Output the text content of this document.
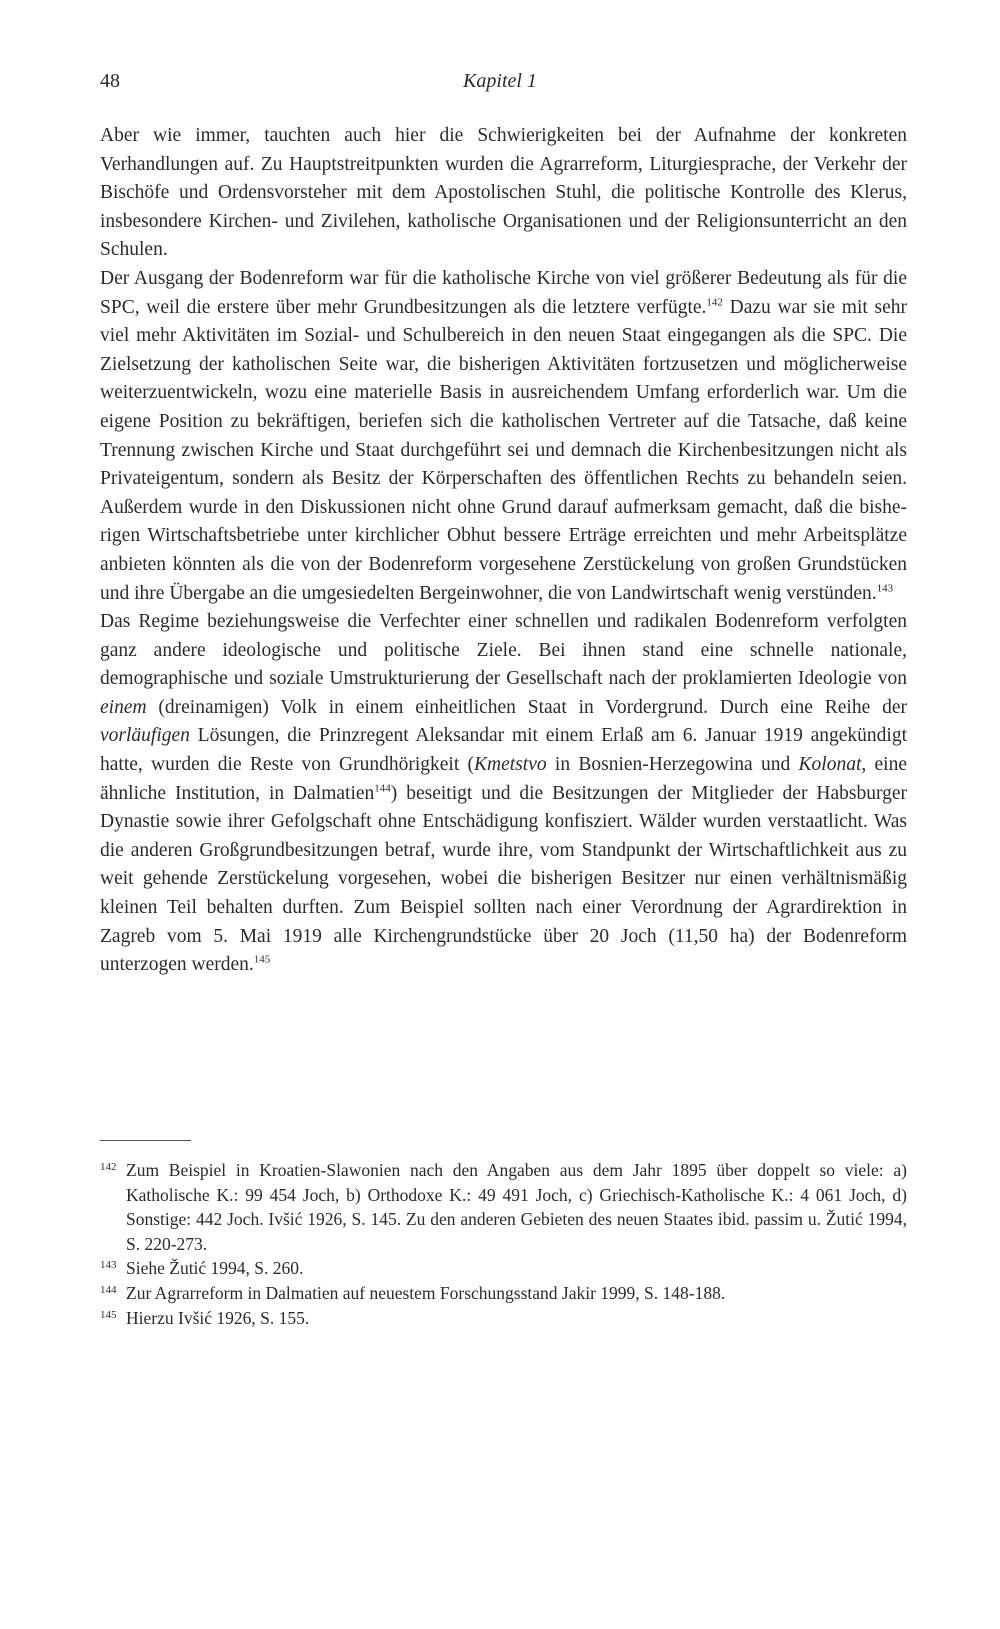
48	Kapitel 1

Aber wie immer, tauchten auch hier die Schwierigkeiten bei der Aufnahme der konkreten Verhandlungen auf. Zu Hauptstreitpunkten wurden die Agrarreform, Liturgiesprache, der Verkehr der Bischöfe und Ordensvorsteher mit dem Apostolischen Stuhl, die politische Kontrolle des Klerus, insbesondere Kirchen- und Zivilehen, katholische Organisationen und der Religionsunterricht an den Schulen.

Der Ausgang der Bodenreform war für die katholische Kirche von viel größerer Bedeutung als für die SPC, weil die erstere über mehr Grundbesitzungen als die letztere verfügte.$^{142}$ Dazu war sie mit sehr viel mehr Aktivitäten im Sozial- und Schulbereich in den neuen Staat eingegangen als die SPC. Die Zielsetzung der katholischen Seite war, die bisherigen Aktivitäten fortzusetzen und möglicherweise weiterzuentwickeln, wozu eine materielle Basis in ausreichendem Umfang erforderlich war. Um die eigene Position zu bekräftigen, beriefen sich die katholischen Vertreter auf die Tatsache, daß keine Trennung zwischen Kirche und Staat durchgeführt sei und demnach die Kirchenbesitzungen nicht als Privateigentum, sondern als Besitz der Körperschaften des öffentlichen Rechts zu behandeln seien. Außerdem wurde in den Diskussionen nicht ohne Grund darauf aufmerksam gemacht, daß die bisherigen Wirtschaftsbetriebe unter kirchlicher Obhut bessere Erträge erreichten und mehr Arbeitsplätze anbieten könnten als die von der Bodenreform vorgesehene Zerstückelung von großen Grundstücken und ihre Übergabe an die umgesiedelten Bergeinwohner, die von Landwirtschaft wenig verstünden.$^{143}$

Das Regime beziehungsweise die Verfechter einer schnellen und radikalen Bodenreform verfolgten ganz andere ideologische und politische Ziele. Bei ihnen stand eine schnelle nationale, demographische und soziale Umstrukturierung der Gesellschaft nach der proklamierten Ideologie von einem (dreinamigen) Volk in einem einheitlichen Staat in Vordergrund. Durch eine Reihe der vorläufigen Lösungen, die Prinzregent Aleksandar mit einem Erlaß am 6. Januar 1919 angekündigt hatte, wurden die Reste von Grundhörigkeit (Kmetstvo in Bosnien-Herzegowina und Kolonat, eine ähnliche Institution, in Dalmatien$^{144}$) beseitigt und die Besitzungen der Mitglieder der Habsburger Dynastie sowie ihrer Gefolgschaft ohne Entschädigung konfisziert. Wälder wurden verstaatlicht. Was die anderen Großgrundbesitzungen betraf, wurde ihre, vom Standpunkt der Wirtschaftlichkeit aus zu weit gehende Zerstückelung vorgesehen, wobei die bisherigen Besitzer nur einen verhältnismäßig kleinen Teil behalten durften. Zum Beispiel sollten nach einer Verordnung der Agrardirektion in Zagreb vom 5. Mai 1919 alle Kirchengrundstücke über 20 Joch (11,50 ha) der Bodenreform unterzogen werden.$^{145}$

142 Zum Beispiel in Kroatien-Slawonien nach den Angaben aus dem Jahr 1895 über doppelt so viele: a) Katholische K.: 99 454 Joch, b) Orthodoxe K.: 49 491 Joch, c) Griechisch-Katholische K.: 4 061 Joch, d) Sonstige: 442 Joch. Ivšić 1926, S. 145. Zu den anderen Gebieten des neuen Staates ibid. passim u. Žutić 1994, S. 220-273.
143 Siehe Žutić 1994, S. 260.
144 Zur Agrarreform in Dalmatien auf neuestem Forschungsstand Jakir 1999, S. 148-188.
145 Hierzu Ivšić 1926, S. 155.
